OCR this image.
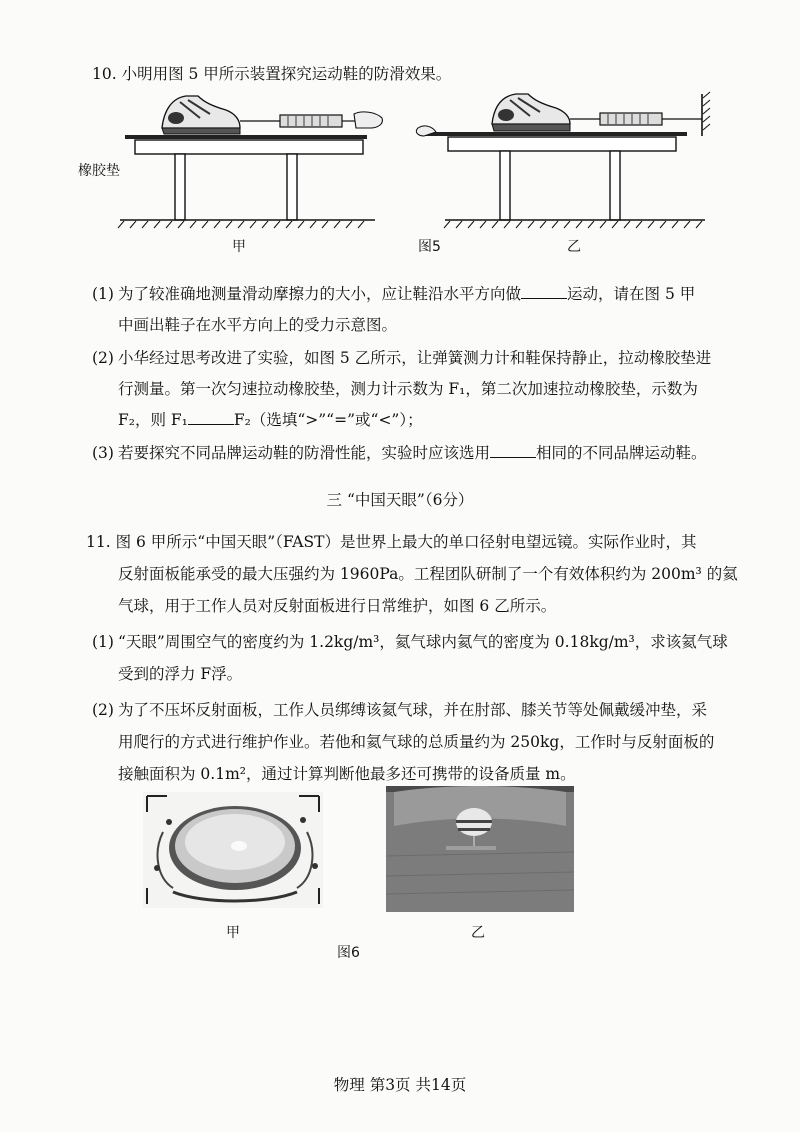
10. 小明用图 5 甲所示装置探究运动鞋的防滑效果。
橡胶垫
甲	图5	乙
(1) 为了较准确地测量滑动摩擦力的大小，应让鞋沿水平方向做	运动，请在图 5 甲
中画出鞋子在水平方向上的受力示意图。
(2) 小华经过思考改进了实验，如图 5 乙所示，让弹簧测力计和鞋保持静止，拉动橡胶垫进
行测量。第一次匀速拉动橡胶垫，测力计示数为 F₁，第二次加速拉动橡胶垫，示数为
F₂，则 F₁	F₂（选填“>”“=”或“<”）；
(3) 若要探究不同品牌运动鞋的防滑性能，实验时应该选用	相同的不同品牌运动鞋。
三 “中国天眼”（6分）
11. 图 6 甲所示“中国天眼”（FAST）是世界上最大的单口径射电望远镜。实际作业时，其
反射面板能承受的最大压强约为 1960Pa。工程团队研制了一个有效体积约为 200m³ 的氦
气球，用于工作人员对反射面板进行日常维护，如图 6 乙所示。
(1) “天眼”周围空气的密度约为 1.2kg/m³，氦气球内氦气的密度为 0.18kg/m³，求该氦气球
受到的浮力 F浮。
(2) 为了不压坏反射面板，工作人员绑缚该氦气球，并在肘部、膝关节等处佩戴缓冲垫，采
用爬行的方式进行维护作业。若他和氦气球的总质量约为 250kg，工作时与反射面板的
接触面积为 0.1m²，通过计算判断他最多还可携带的设备质量 m。
甲	乙
图6
物理 第3页 共14页
